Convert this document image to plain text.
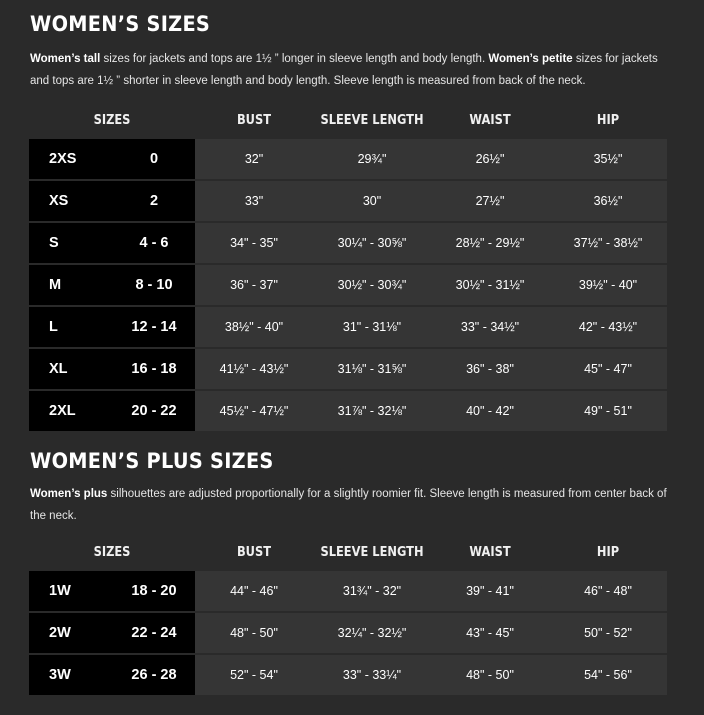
WOMEN’S SIZES

Women’s tall sizes for jackets and tops are 1½ ” longer in sleeve length and body length. Women’s petite sizes for jackets and tops are 1½ ” shorter in sleeve length and body length. Sleeve length is measured from back of the neck.

SIZES		BUST	SLEEVE LENGTH	WAIST	HIP
2XS	0	32"	29¾"	26½"	35½"
XS	2	33"	30"	27½"	36½"
S	4 - 6	34" - 35"	30¼" - 30⅝"	28½" - 29½"	37½" - 38½"
M	8 - 10	36" - 37"	30½" - 30¾"	30½" - 31½"	39½" - 40"
L	12 - 14	38½" - 40"	31" - 31⅛"	33" - 34½"	42" - 43½"
XL	16 - 18	41½" - 43½"	31⅛" - 31⅝"	36" - 38"	45" - 47"
2XL	20 - 22	45½" - 47½"	31⅞" - 32⅛"	40" - 42"	49" - 51"
WOMEN’S PLUS SIZES

Women’s plus silhouettes are adjusted proportionally for a slightly roomier fit. Sleeve length is measured from center back of the neck.

SIZES		BUST	SLEEVE LENGTH	WAIST	HIP
1W	18 - 20	44" - 46"	31¾" - 32"	39" - 41"	46" - 48"
2W	22 - 24	48" - 50"	32¼" - 32½"	43" - 45"	50" - 52"
3W	26 - 28	52" - 54"	33" - 33¼"	48" - 50"	54" - 56"
